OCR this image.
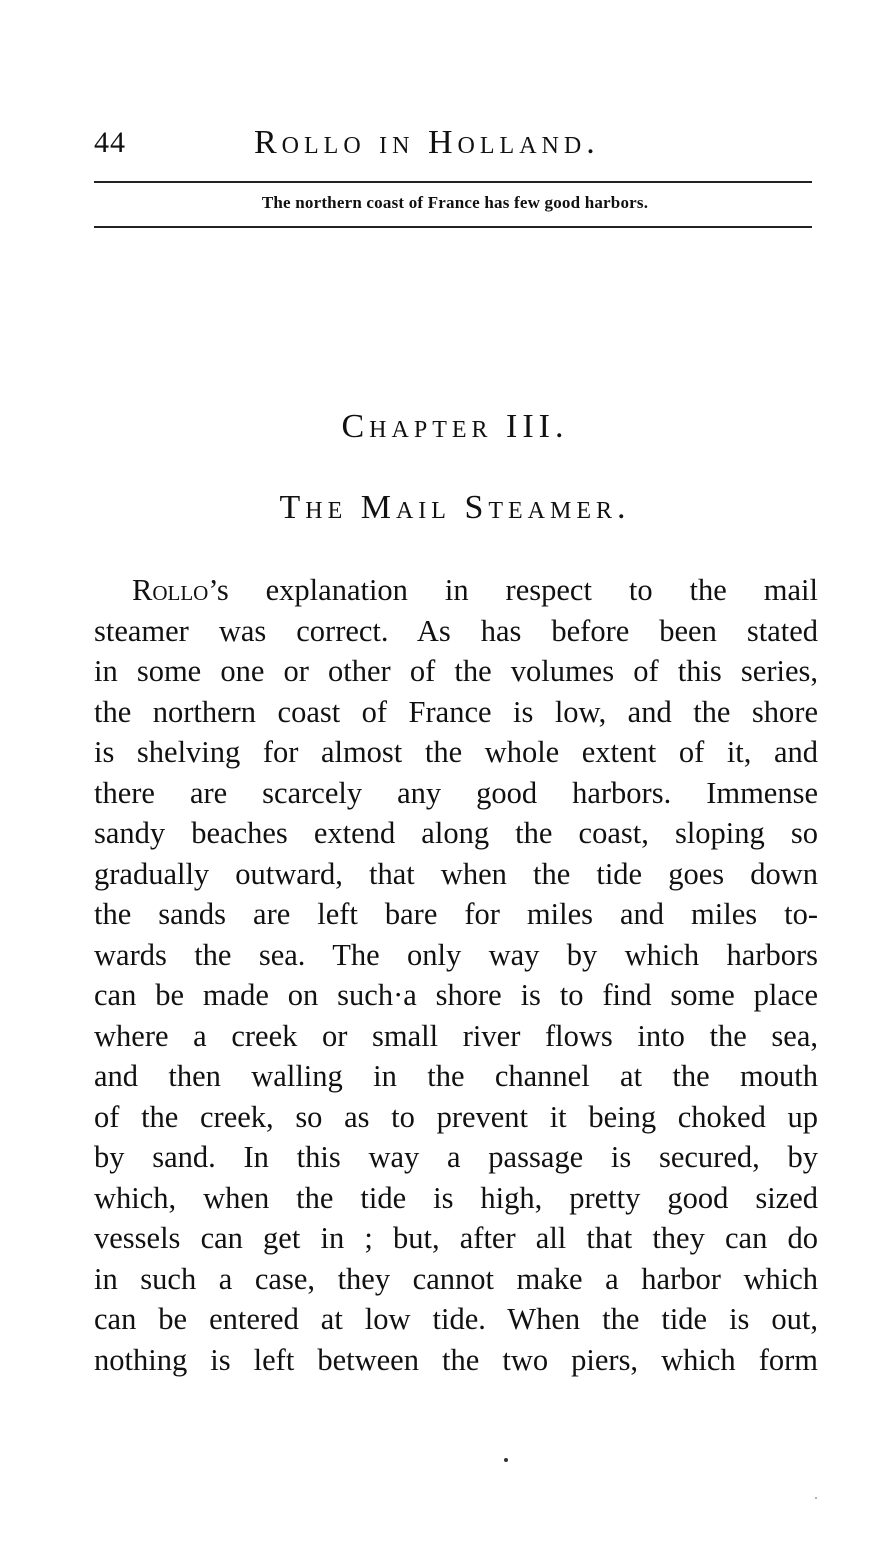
44	Rollo in Holland.
The northern coast of France has few good harbors.
Chapter III.
The Mail Steamer.
Rollo’s explanation in respect to the mail
steamer was correct. As has before been stated
in some one or other of the volumes of this series,
the northern coast of France is low, and the shore
is shelving for almost the whole extent of it, and
there are scarcely any good harbors. Immense
sandy beaches extend along the coast, sloping so
gradually outward, that when the tide goes down
the sands are left bare for miles and miles to-
wards the sea. The only way by which harbors
can be made on such·a shore is to find some place
where a creek or small river flows into the sea,
and then walling in the channel at the mouth
of the creek, so as to prevent it being choked up
by sand. In this way a passage is secured, by
which, when the tide is high, pretty good sized
vessels can get in ; but, after all that they can do
in such a case, they cannot make a harbor which
can be entered at low tide. When the tide is out,
nothing is left between the two piers, which form
